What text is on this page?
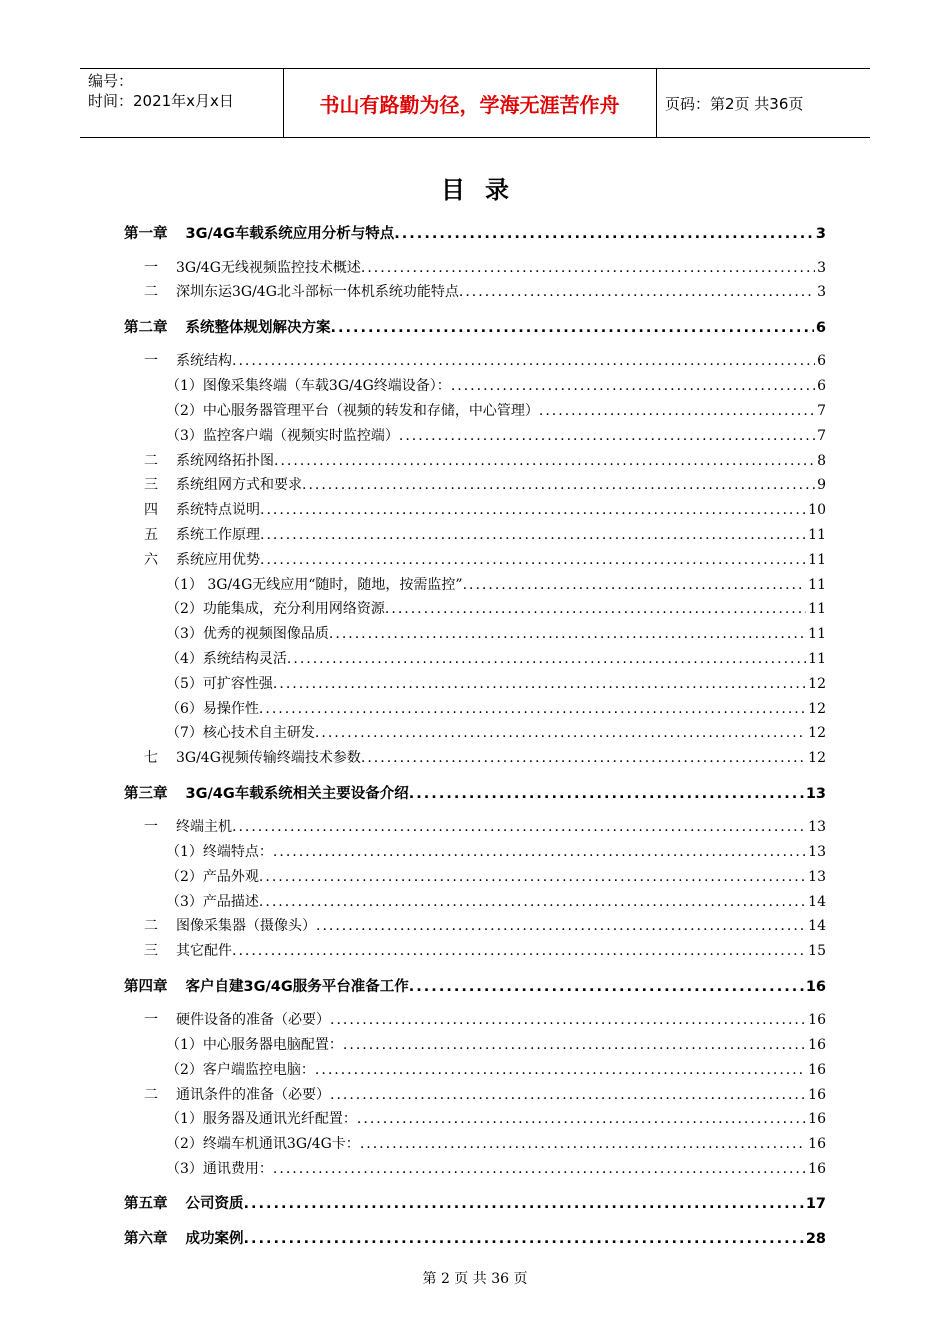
编号：
时间：2021年x月x日	书山有路勤为径，学海无涯苦作舟	页码：第2页 共36页
目录
第一章	3G/4G车载系统应用分析与特点 .....	3
一	3G/4G无线视频监控技术概述 .....	3
二	深圳东运3G/4G北斗部标一体机系统功能特点 .....	3
第二章	系统整体规划解决方案 .....	6
一	系统结构 .....	6
（1）图像采集终端（车载3G/4G终端设备）： .....	6
（2）中心服务器管理平台（视频的转发和存储，中心管理） .....	7
（3）监控客户端（视频实时监控端） .....	7
二	系统网络拓扑图 .....	8
三	系统组网方式和要求 .....	9
四	系统特点说明 .....	10
五	系统工作原理 .....	11
六	系统应用优势 .....	11
（1） 3G/4G无线应用“随时，随地，按需监控” .....	11
（2）功能集成，充分利用网络资源 .....	11
（3）优秀的视频图像品质 .....	11
（4）系统结构灵活 .....	11
（5）可扩容性强 .....	12
（6）易操作性 .....	12
（7）核心技术自主研发 .....	12
七	3G/4G视频传输终端技术参数 .....	12
第三章	3G/4G车载系统相关主要设备介绍 .....	13
一	终端主机 .....	13
（1）终端特点： .....	13
（2）产品外观 .....	13
（3）产品描述 .....	14
二	图像采集器（摄像头） .....	14
三	其它配件 .....	15
第四章	客户自建3G/4G服务平台准备工作 .....	16
一	硬件设备的准备（必要） .....	16
（1）中心服务器电脑配置： .....	16
（2）客户端监控电脑： .....	16
二	通讯条件的准备（必要） .....	16
（1）服务器及通讯光纤配置： .....	16
（2）终端车机通讯3G/4G卡： .....	16
（3）通讯费用： .....	16
第五章	公司资质 .....	17
第六章	成功案例 .....	28
第 2 页 共 36 页
